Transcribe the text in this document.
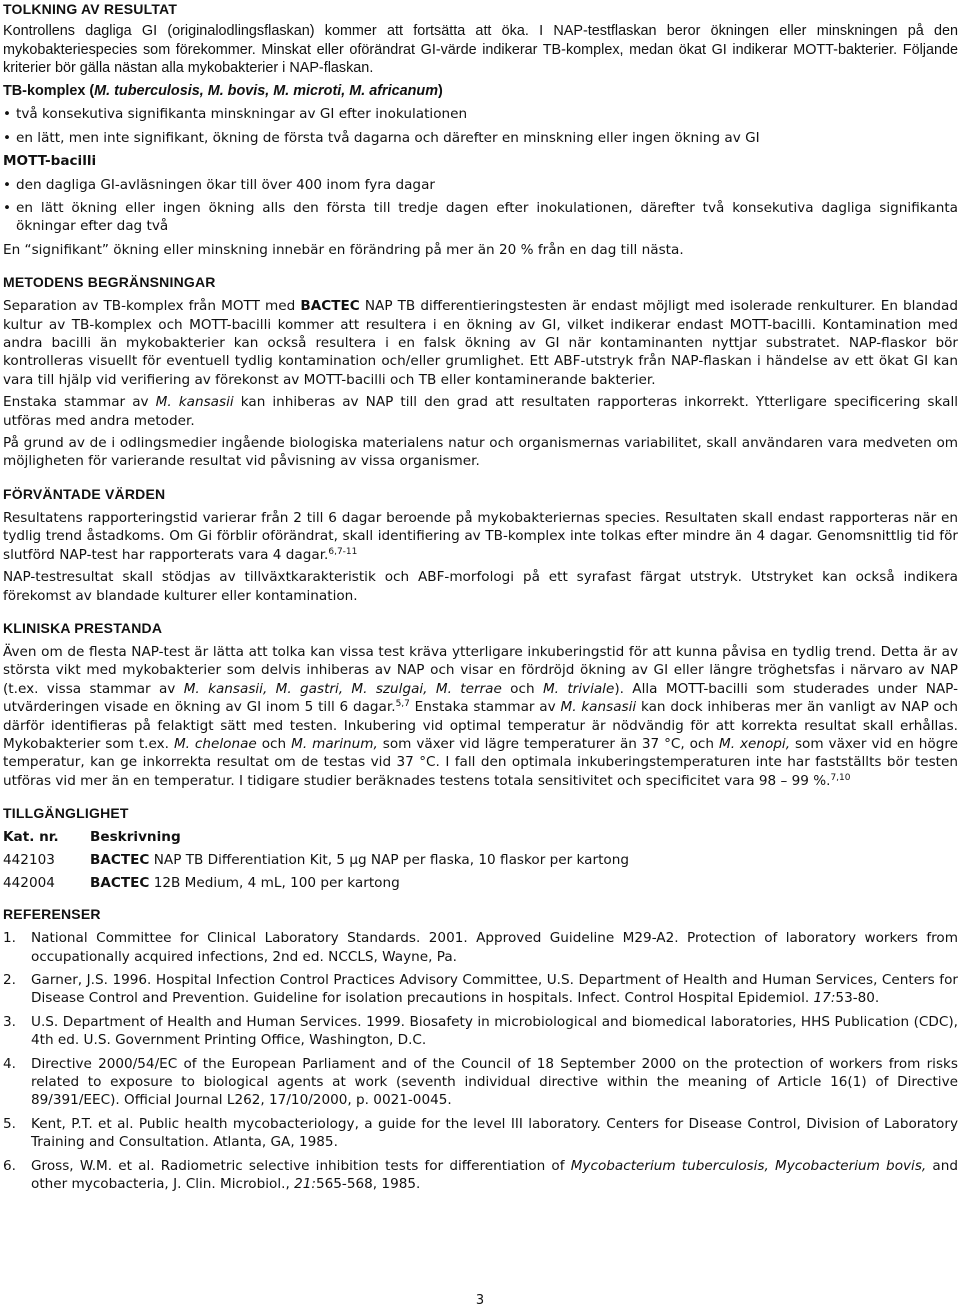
TOLKNING AV RESULTAT

Kontrollens dagliga GI (originalodlingsflaskan) kommer att fortsätta att öka. I NAP-testflaskan beror ökningen eller minskningen på den mykobakteriespecies som förekommer. Minskat eller oförändrat GI-värde indikerar TB-komplex, medan ökat GI indikerar MOTT-bakterier. Följande kriterier bör gälla nästan alla mykobakterier i NAP-flaskan.

TB-komplex (M. tuberculosis, M. bovis, M. microti, M. africanum)

• två konsekutiva signifikanta minskningar av GI efter inokulationen
• en lätt, men inte signifikant, ökning de första två dagarna och därefter en minskning eller ingen ökning av GI

MOTT-bacilli

• den dagliga GI-avläsningen ökar till över 400 inom fyra dagar
• en lätt ökning eller ingen ökning alls den första till tredje dagen efter inokulationen, därefter två konsekutiva dagliga signifikanta ökningar efter dag två

En “signifikant” ökning eller minskning innebär en förändring på mer än 20 % från en dag till nästa.

METODENS BEGRÄNSNINGAR

Separation av TB-komplex från MOTT med BACTEC NAP TB differentieringstesten är endast möjligt med isolerade renkulturer. En blandad kultur av TB-komplex och MOTT-bacilli kommer att resultera i en ökning av GI, vilket indikerar endast MOTT-bacilli. Kontamination med andra bacilli än mykobakterier kan också resultera i en falsk ökning av GI när kontaminanten nyttjar substratet. NAP-flaskor bör kontrolleras visuellt för eventuell tydlig kontamination och/eller grumlighet. Ett ABF-utstryk från NAP-flaskan i händelse av ett ökat GI kan vara till hjälp vid verifiering av förekonst av MOTT-bacilli och TB eller kontaminerande bakterier.

Enstaka stammar av M. kansasii kan inhiberas av NAP till den grad att resultaten rapporteras inkorrekt. Ytterligare specificering skall utföras med andra metoder.

På grund av de i odlingsmedier ingående biologiska materialens natur och organismernas variabilitet, skall användaren vara medveten om möjligheten för varierande resultat vid påvisning av vissa organismer.

FÖRVÄNTADE VÄRDEN

Resultatens rapporteringstid varierar från 2 till 6 dagar beroende på mykobakteriernas species. Resultaten skall endast rapporteras när en tydlig trend åstadkoms. Om Gi förblir oförändrat, skall identifiering av TB-komplex inte tolkas efter mindre än 4 dagar. Genomsnittlig tid för slutförd NAP-test har rapporterats vara 4 dagar.$^{6,7-11}$

NAP-testresultat skall stödjas av tillväxtkarakteristik och ABF-morfologi på ett syrafast färgat utstryk. Utstryket kan också indikera förekomst av blandade kulturer eller kontamination.

KLINISKA PRESTANDA

Även om de flesta NAP-test är lätta att tolka kan vissa test kräva ytterligare inkuberingstid för att kunna påvisa en tydlig trend. Detta är av största vikt med mykobakterier som delvis inhiberas av NAP och visar en fördröjd ökning av GI eller längre tröghetsfas i närvaro av NAP (t.ex. vissa stammar av M. kansasii, M. gastri, M. szulgai, M. terrae och M. triviale). Alla MOTT-bacilli som studerades under NAP-utvärderingen visade en ökning av GI inom 5 till 6 dagar.$^{5,7}$ Enstaka stammar av M. kansasii kan dock inhiberas mer än vanligt av NAP och därför identifieras på felaktigt sätt med testen. Inkubering vid optimal temperatur är nödvändig för att korrekta resultat skall erhållas. Mykobakterier som t.ex. M. chelonae och M. marinum, som växer vid lägre temperaturer än 37 °C, och M. xenopi, som växer vid en högre temperatur, kan ge inkorrekta resultat om de testas vid 37 °C. I fall den optimala inkuberingstemperaturen inte har fastställts bör testen utföras vid mer än en temperatur. I tidigare studier beräknades testens totala sensitivitet och specificitet vara 98 – 99 %.$^{7,10}$

TILLGÄNGLIGHET
Kat. nr.	Beskrivning
442103	BACTEC NAP TB Differentiation Kit, 5 μg NAP per flaska, 10 flaskor per kartong
442004	BACTEC 12B Medium, 4 mL, 100 per kartong
REFERENSER
1. National Committee for Clinical Laboratory Standards. 2001. Approved Guideline M29-A2. Protection of laboratory workers from occupationally acquired infections, 2nd ed. NCCLS, Wayne, Pa.
2. Garner, J.S. 1996. Hospital Infection Control Practices Advisory Committee, U.S. Department of Health and Human Services, Centers for Disease Control and Prevention. Guideline for isolation precautions in hospitals. Infect. Control Hospital Epidemiol. 17:53-80.
3. U.S. Department of Health and Human Services. 1999. Biosafety in microbiological and biomedical laboratories, HHS Publication (CDC), 4th ed. U.S. Government Printing Office, Washington, D.C.
4. Directive 2000/54/EC of the European Parliament and of the Council of 18 September 2000 on the protection of workers from risks related to exposure to biological agents at work (seventh individual directive within the meaning of Article 16(1) of Directive 89/391/EEC). Official Journal L262, 17/10/2000, p. 0021-0045.
5. Kent, P.T. et al. Public health mycobacteriology, a guide for the level III laboratory. Centers for Disease Control, Division of Laboratory Training and Consultation. Atlanta, GA, 1985.
6. Gross, W.M. et al. Radiometric selective inhibition tests for differentiation of Mycobacterium tuberculosis, Mycobacterium bovis, and other mycobacteria, J. Clin. Microbiol., 21:565-568, 1985.
3
